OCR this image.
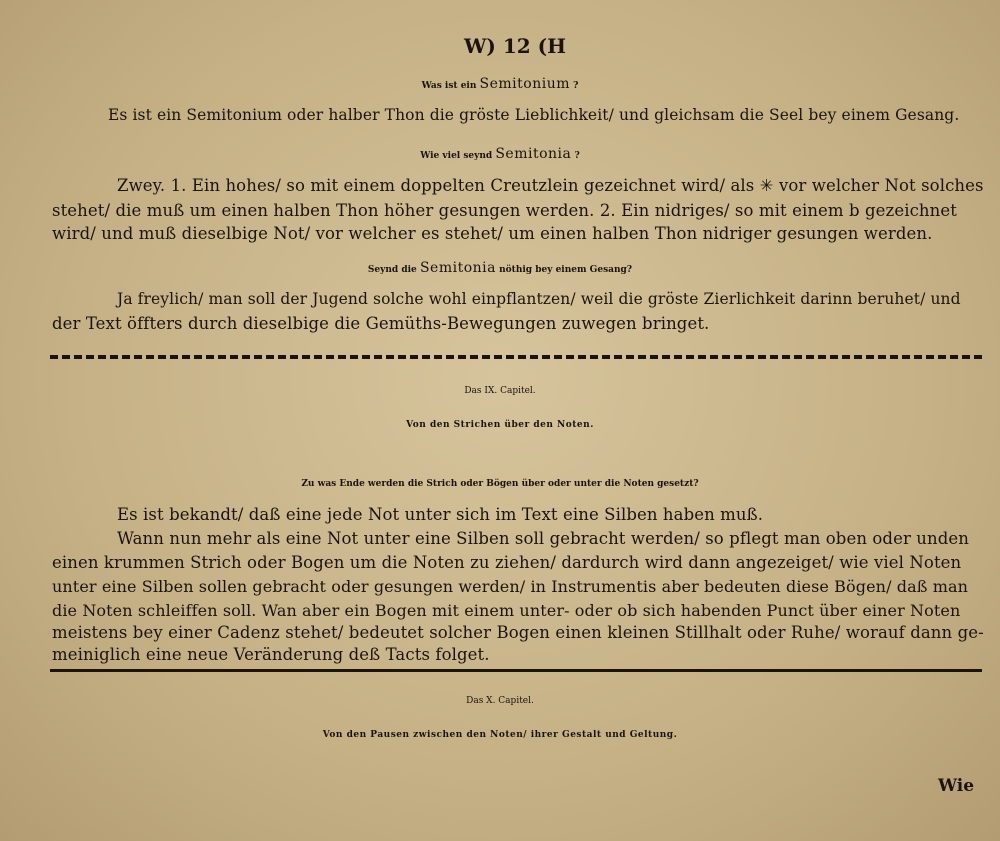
W) 12 (H
Was ist ein Semitonium ?
Es ist ein Semitonium oder halber Thon die gröste Lieblichkeit/ und gleichsam die Seel bey einem Gesang.
Wie viel seynd Semitonia ?
Zwey. 1. Ein hohes/ so mit einem doppelten Creutzlein gezeichnet wird/ als ✳ vor welcher Not solches
stehet/ die muß um einen halben Thon höher gesungen werden. 2. Ein nidriges/ so mit einem b gezeichnet
wird/ und muß dieselbige Not/ vor welcher es stehet/ um einen halben Thon nidriger gesungen werden.
Seynd die Semitonia nöthig bey einem Gesang?
Ja freylich/ man soll der Jugend solche wohl einpflantzen/ weil die gröste Zierlichkeit darinn beruhet/ und
der Text öffters durch dieselbige die Gemüths-Bewegungen zuwegen bringet.
Das IX. Capitel.
Von den Strichen über den Noten.
Zu was Ende werden die Strich oder Bögen über oder unter die Noten gesetzt?
Es ist bekandt/ daß eine jede Not unter sich im Text eine Silben haben muß.
Wann nun mehr als eine Not unter eine Silben soll gebracht werden/ so pflegt man oben oder unden
einen krummen Strich oder Bogen um die Noten zu ziehen/ dardurch wird dann angezeiget/ wie viel Noten
unter eine Silben sollen gebracht oder gesungen werden/ in Instrumentis aber bedeuten diese Bögen/ daß man
die Noten schleiffen soll. Wan aber ein Bogen mit einem unter- oder ob sich habenden Punct über einer Noten
meistens bey einer Cadenz stehet/ bedeutet solcher Bogen einen kleinen Stillhalt oder Ruhe/ worauf dann ge-
meiniglich eine neue Veränderung deß Tacts folget.
Das X. Capitel.
Von den Pausen zwischen den Noten/ ihrer Gestalt und Geltung.
Wie
